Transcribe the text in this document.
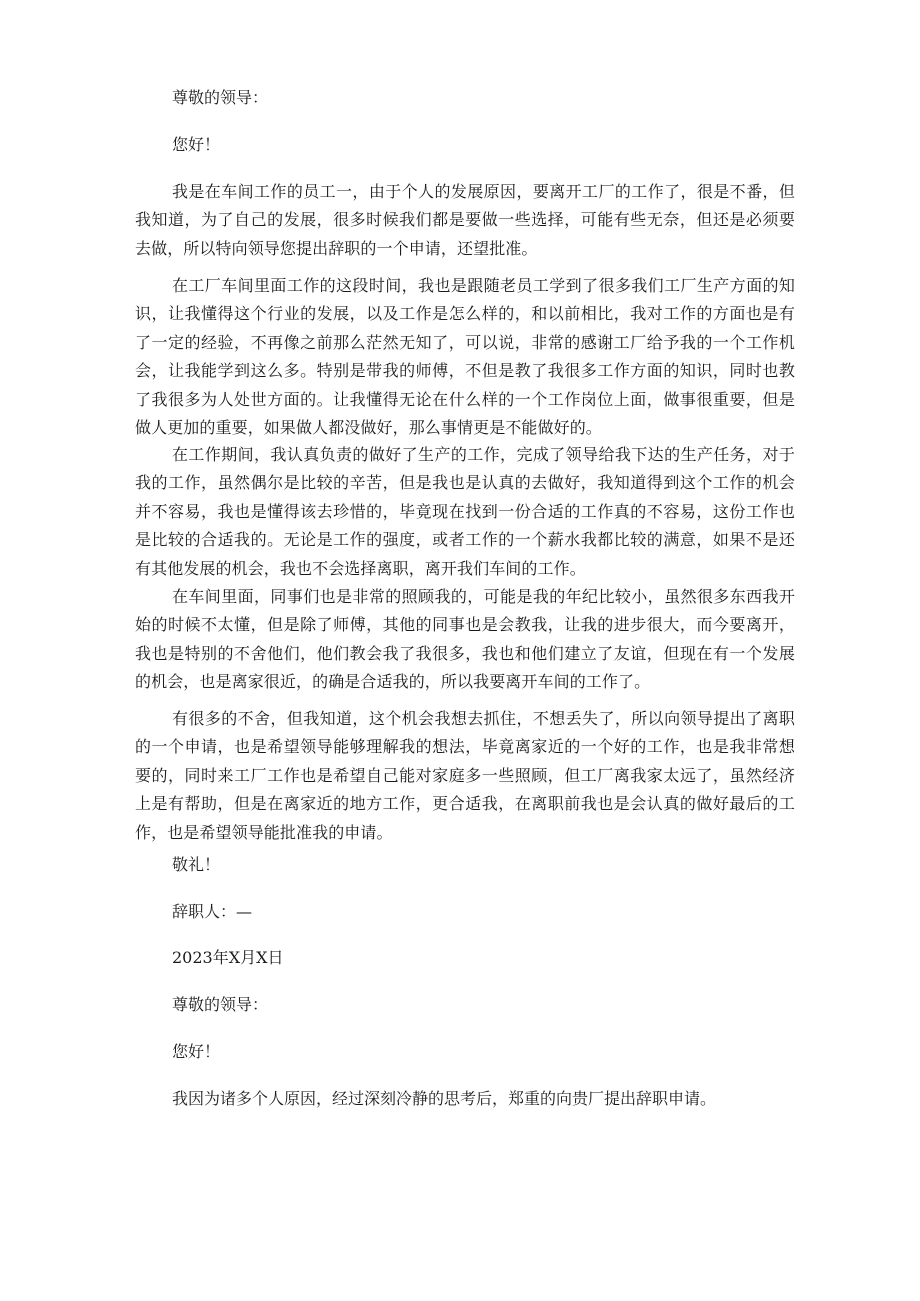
尊敬的领导：

您好！

我是在车间工作的员工一，由于个人的发展原因，要离开工厂的工作了，很是不番，但我知道，为了自己的发展，很多时候我们都是要做一些选择，可能有些无奈，但还是必须要去做，所以特向领导您提出辞职的一个申请，还望批准。

在工厂车间里面工作的这段时间，我也是跟随老员工学到了很多我们工厂生产方面的知识，让我懂得这个行业的发展，以及工作是怎么样的，和以前相比，我对工作的方面也是有了一定的经验，不再像之前那么茫然无知了，可以说，非常的感谢工厂给予我的一个工作机会，让我能学到这么多。特别是带我的师傅，不但是教了我很多工作方面的知识，同时也教了我很多为人处世方面的。让我懂得无论在什么样的一个工作岗位上面，做事很重要，但是做人更加的重要，如果做人都没做好，那么事情更是不能做好的。

在工作期间，我认真负责的做好了生产的工作，完成了领导给我下达的生产任务，对于我的工作，虽然偶尔是比较的辛苦，但是我也是认真的去做好，我知道得到这个工作的机会并不容易，我也是懂得该去珍惜的，毕竟现在找到一份合适的工作真的不容易，这份工作也是比较的合适我的。无论是工作的强度，或者工作的一个薪水我都比较的满意，如果不是还有其他发展的机会，我也不会选择离职，离开我们车间的工作。

在车间里面，同事们也是非常的照顾我的，可能是我的年纪比较小，虽然很多东西我开始的时候不太懂，但是除了师傅，其他的同事也是会教我，让我的进步很大，而今要离开，我也是特别的不舍他们，他们教会我了我很多，我也和他们建立了友谊，但现在有一个发展的机会，也是离家很近，的确是合适我的，所以我要离开车间的工作了。

有很多的不舍，但我知道，这个机会我想去抓住，不想丢失了，所以向领导提出了离职的一个申请，也是希望领导能够理解我的想法，毕竟离家近的一个好的工作，也是我非常想要的，同时来工厂工作也是希望自己能对家庭多一些照顾，但工厂离我家太远了，虽然经济上是有帮助，但是在离家近的地方工作，更合适我，在离职前我也是会认真的做好最后的工作，也是希望领导能批准我的申请。

敬礼！

辞职人：—

2023年X月X日

尊敬的领导：

您好！

我因为诸多个人原因，经过深刻冷静的思考后，郑重的向贵厂提出辞职申请。
